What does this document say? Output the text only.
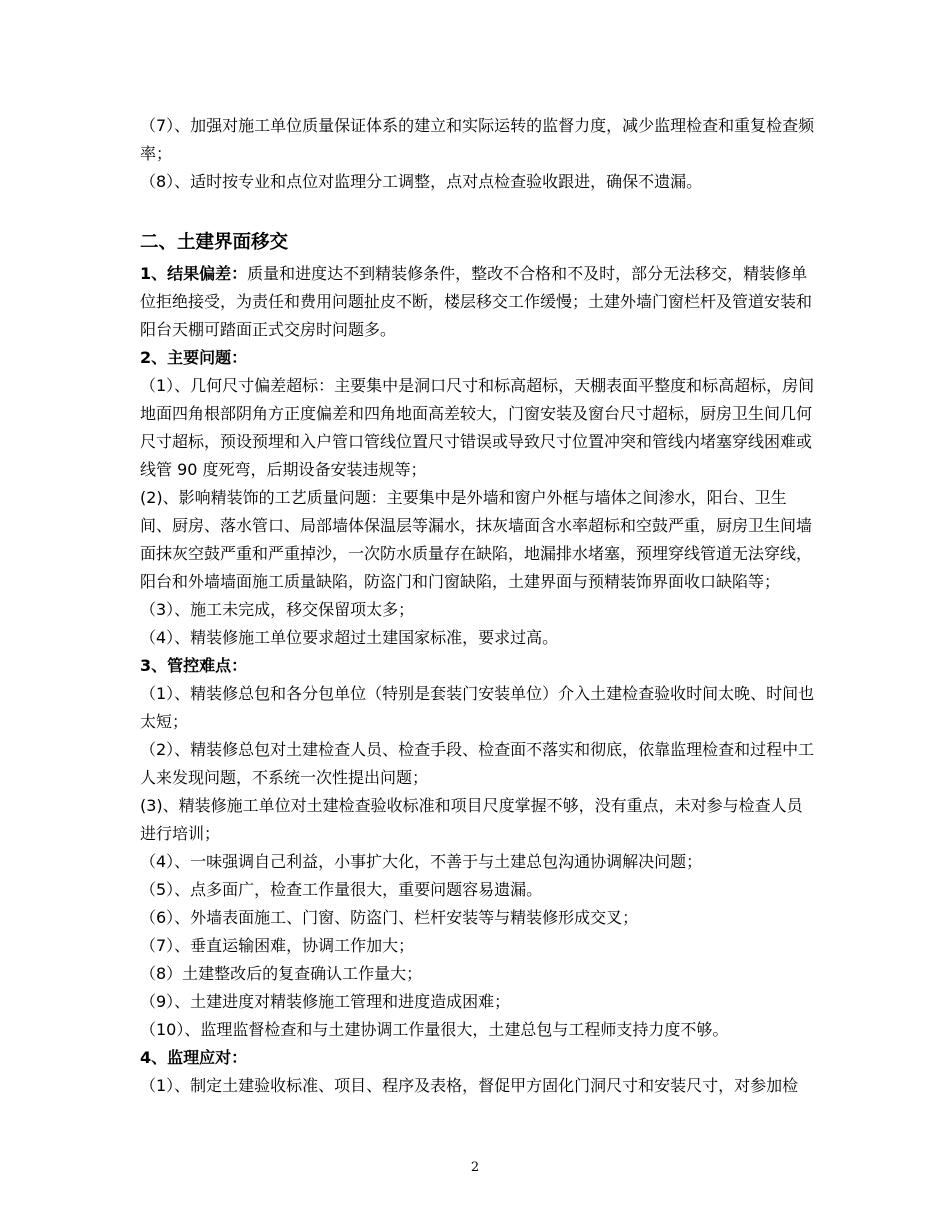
（7）、加强对施工单位质量保证体系的建立和实际运转的监督力度，减少监理检查和重复检查频率；

（8）、适时按专业和点位对监理分工调整，点对点检查验收跟进，确保不遗漏。

二、土建界面移交

1、结果偏差：质量和进度达不到精装修条件，整改不合格和不及时，部分无法移交，精装修单位拒绝接受，为责任和费用问题扯皮不断，楼层移交工作缓慢；土建外墙门窗栏杆及管道安装和阳台天棚可踏面正式交房时问题多。

2、主要问题：

（1）、几何尺寸偏差超标：主要集中是洞口尺寸和标高超标，天棚表面平整度和标高超标，房间地面四角根部阴角方正度偏差和四角地面高差较大，门窗安装及窗台尺寸超标，厨房卫生间几何尺寸超标，预设预埋和入户管口管线位置尺寸错误或导致尺寸位置冲突和管线内堵塞穿线困难或线管 90 度死弯，后期设备安装违规等；

(2)、影响精装饰的工艺质量问题：主要集中是外墙和窗户外框与墙体之间渗水，阳台、卫生间、厨房、落水管口、局部墙体保温层等漏水，抹灰墙面含水率超标和空鼓严重，厨房卫生间墙面抹灰空鼓严重和严重掉沙，一次防水质量存在缺陷，地漏排水堵塞，预埋穿线管道无法穿线，阳台和外墙墙面施工质量缺陷，防盗门和门窗缺陷，土建界面与预精装饰界面收口缺陷等；

（3）、施工未完成，移交保留项太多；

（4）、精装修施工单位要求超过土建国家标准，要求过高。

3、管控难点：

（1）、精装修总包和各分包单位（特别是套装门安装单位）介入土建检查验收时间太晚、时间也太短；

（2）、精装修总包对土建检查人员、检查手段、检查面不落实和彻底，依靠监理检查和过程中工人来发现问题，不系统一次性提出问题；

(3)、精装修施工单位对土建检查验收标准和项目尺度掌握不够，没有重点，未对参与检查人员进行培训；

（4）、一味强调自己利益，小事扩大化，不善于与土建总包沟通协调解决问题；

（5）、点多面广，检查工作量很大，重要问题容易遗漏。

（6）、外墙表面施工、门窗、防盗门、栏杆安装等与精装修形成交叉；

（7）、垂直运输困难，协调工作加大；

（8）土建整改后的复查确认工作量大；

（9）、土建进度对精装修施工管理和进度造成困难；

（10）、监理监督检查和与土建协调工作量很大，土建总包与工程师支持力度不够。

4、监理应对：

（1）、制定土建验收标准、项目、程序及表格，督促甲方固化门洞尺寸和安装尺寸，对参加检

2
